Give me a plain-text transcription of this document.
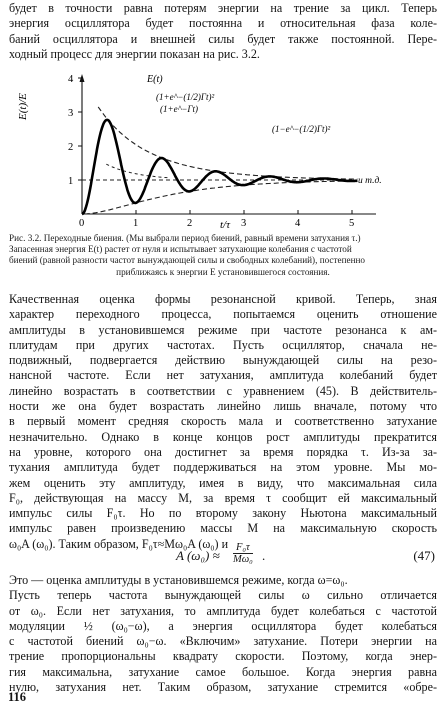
будет в точности равна потерям энергии на трение за цикл. Теперь
энергия осциллятора будет постоянна и относительная фаза коле-
баний осциллятора и внешней силы будет также постоянной. Пере-
ходный процесс для энергии показан на рис. 3.2.

1
2
3
4
0	1	2	3	4	5
E(t)/E
t/τ
E(t)
(1+e^−(1/2)Γt)²
(1+e^−Γt)
(1−e^−(1/2)Γt)²
и т.д.
Рис. 3.2. Переходные биения. (Мы выбрали период биений, равный времени затухания τ.)
Запасенная энергия E(t) растет от нуля и испытывает затухающие колебания с частотой
биений (равной разности частот вынуждающей силы и свободных колебаний), постепенно
приближаясь к энергии E установившегося состояния.

Качественная оценка формы резонансной кривой. Теперь, зная
характер переходного процесса, попытаемся оценить отношение
амплитуды в установившемся режиме при частоте резонанса к ам-
плитудам при других частотах. Пусть осциллятор, сначала не-
подвижный, подвергается действию вынуждающей силы на резо-
нансной частоте. Если нет затухания, амплитуда колебаний будет
линейно возрастать в соответствии с уравнением (45). В действитель-
ности же она будет возрастать линейно лишь вначале, потому что
в первый момент средняя скорость мала и соответственно затухание
незначительно. Однако в конце концов рост амплитуды прекратится
на уровне, которого она достигнет за время порядка τ. Из-за за-
тухания амплитуда будет поддерживаться на этом уровне. Мы мо-
жем оценить эту амплитуду, имея в виду, что максимальная сила
F₀, действующая на массу M, за время τ сообщит ей максимальный
импульс силы F₀τ. Но по второму закону Ньютона максимальный
импульс равен произведению массы M на максимальную скорость
ω₀A (ω₀). Таким образом, F₀τ≈Mω₀A (ω₀) и

A $(\omega_0) \approx \frac{\text{F₀τ}}{\text{Mω₀}}$ .	(47)

Это — оценка амплитуды в установившемся режиме, когда ω=ω₀.
Пусть теперь частота вынуждающей силы ω сильно отличается
от ω₀. Если нет затухания, то амплитуда будет колебаться с частотой
модуляции ½ (ω₀−ω), а энергия осциллятора будет колебаться
с частотой биений ω₀−ω. «Включим» затухание. Потери энергии на
трение пропорциональны квадрату скорости. Поэтому, когда энер-
гия максимальна, затухание самое большое. Когда энергия равна
нулю, затухания нет. Таким образом, затухание стремится «обре-

116
